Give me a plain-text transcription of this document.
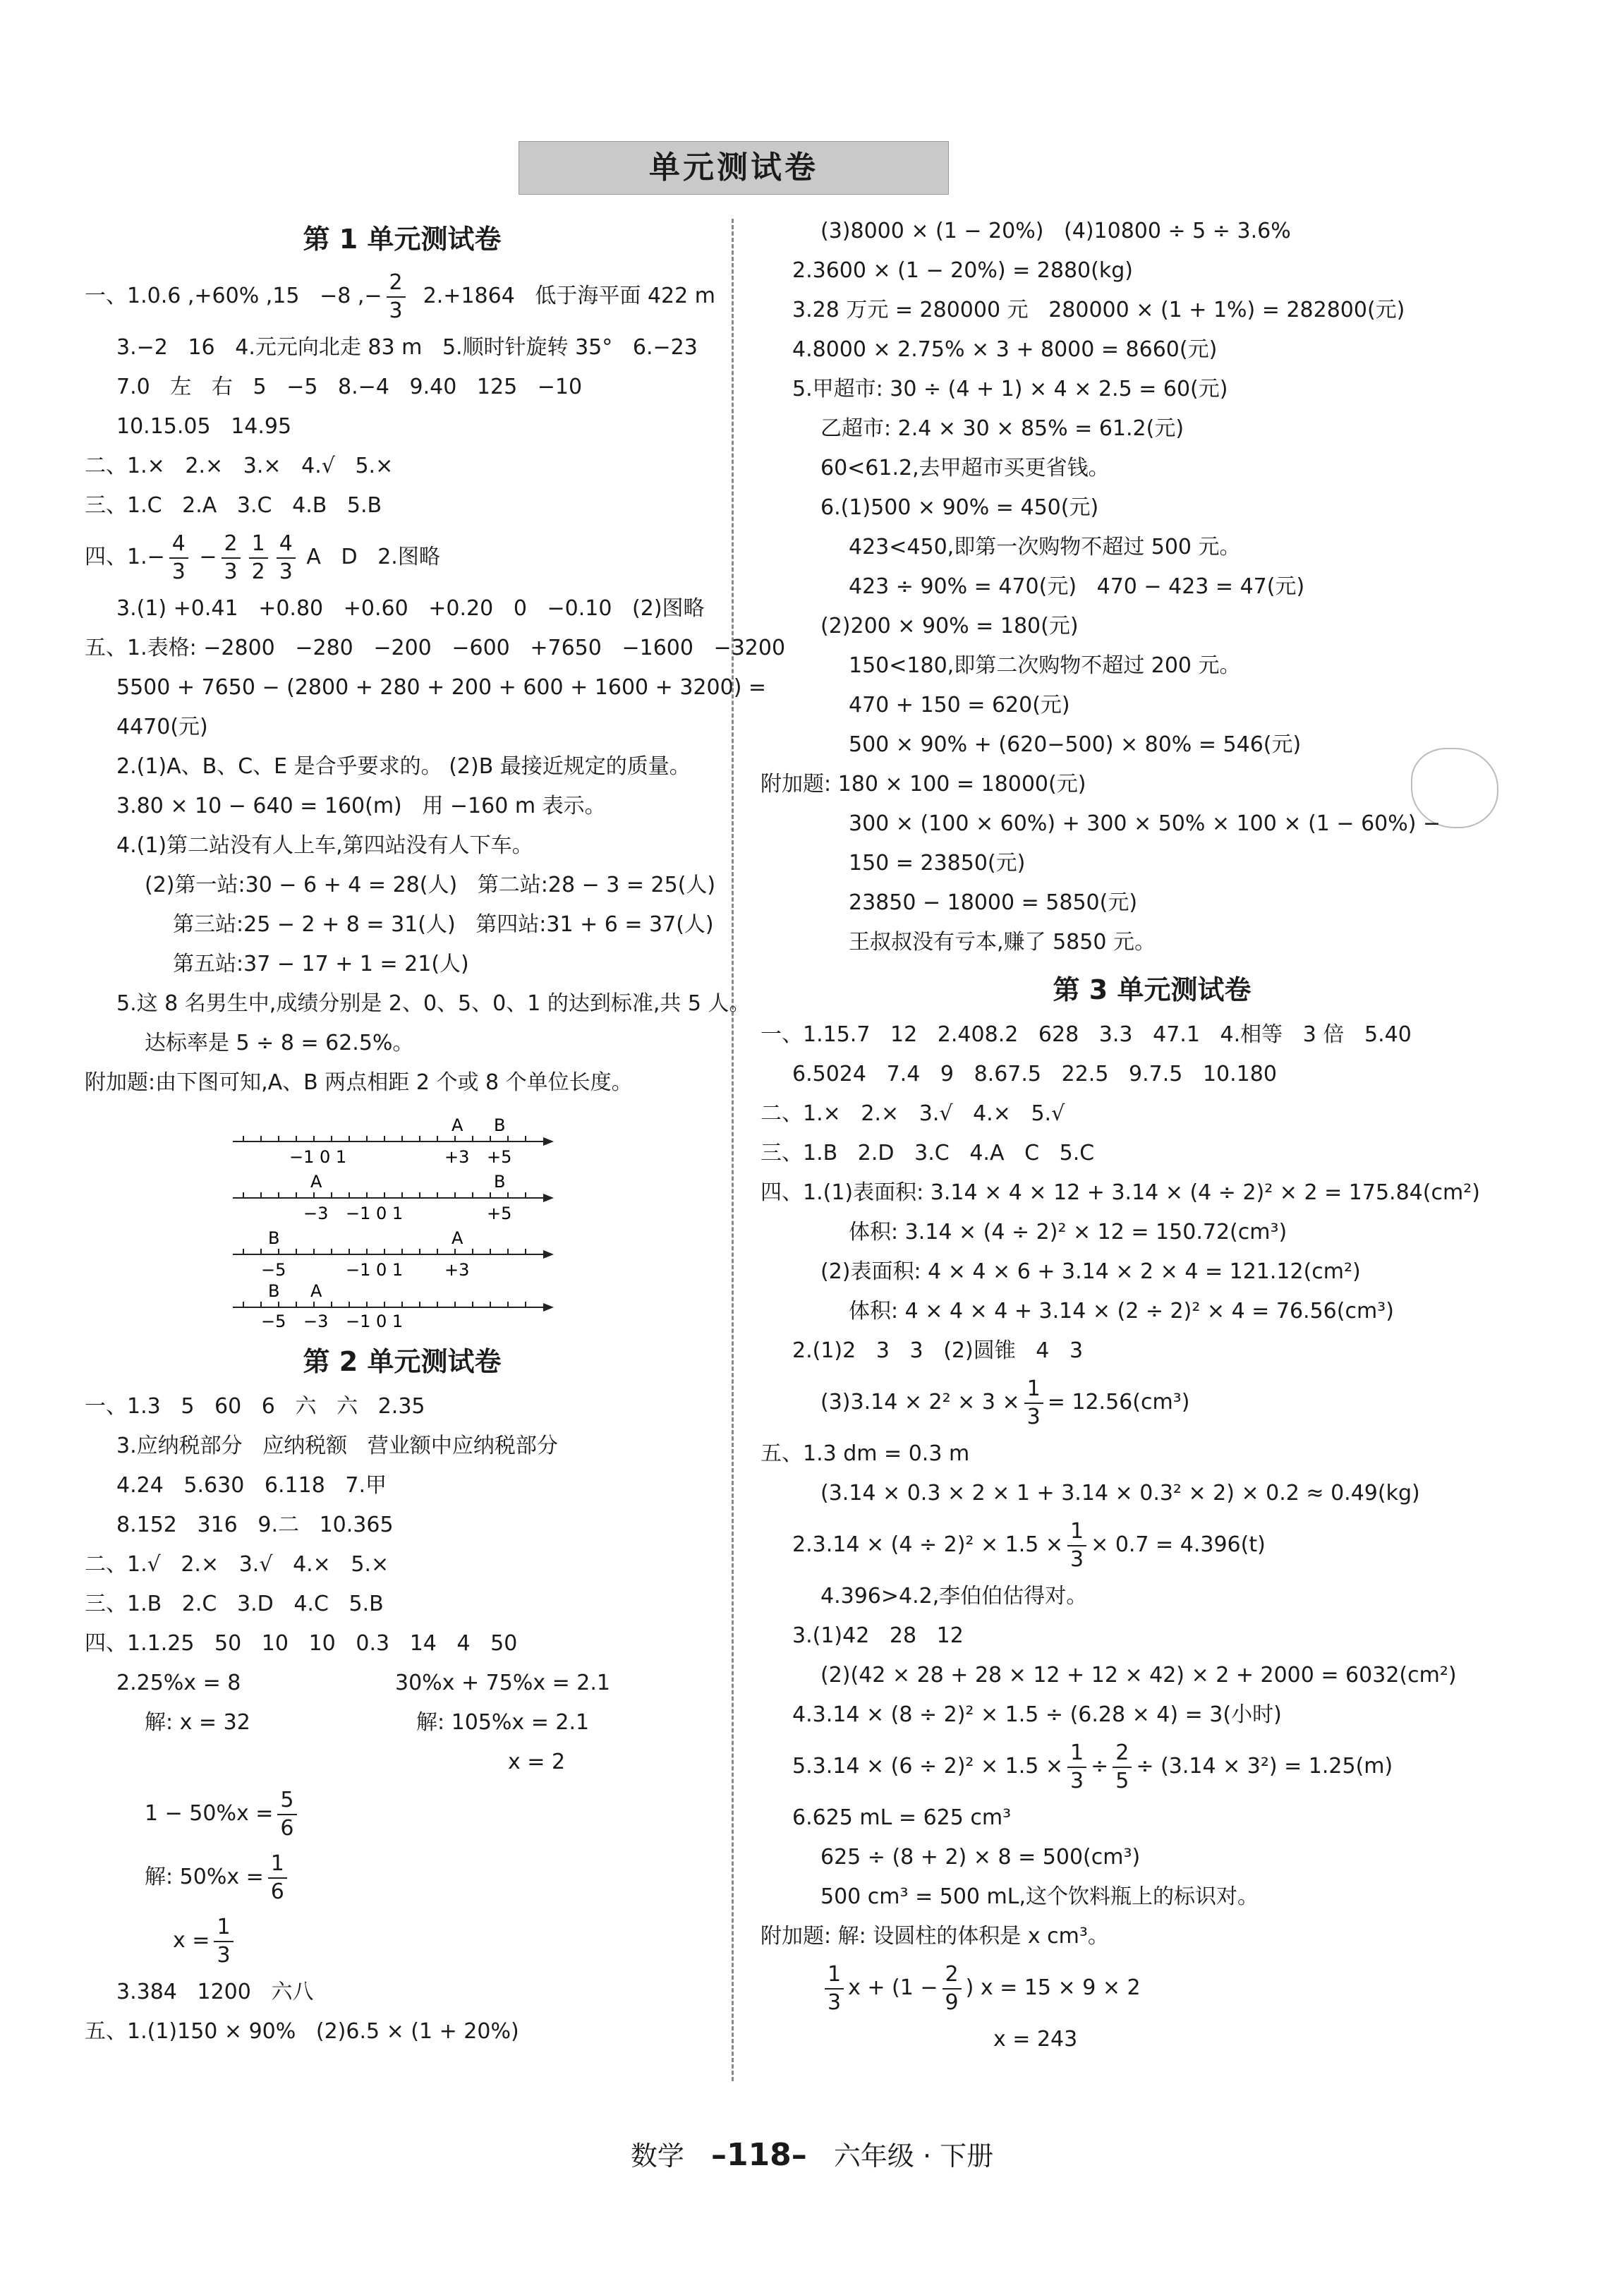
单元测试卷
第 1 单元测试卷
一、1.0.6 ,+60% ,15   −8 ,− $\frac{2}{3} 2.+1864$   低于海平面 422 m
3.−2   16   4.元元向北走 83 m   5.顺时针旋转 35°   6.−23
7.0   左   右   5   −5   8.−4   9.40   125   −10
10.15.05   14.95
二、1.×   2.×   3.×   4.√   5.×
三、1.C   2.A   3.C   4.B   5.B
四、$1.- \frac{4}{3} - \frac{2}{3} \frac{1}{2} \frac{4}{3}$ A   D   2.图略
3.(1) +0.41   +0.80   +0.60   +0.20   0   −0.10   (2)图略
五、1.表格: −2800   −280   −200   −600   +7650   −1600   −3200
5500 + 7650 − (2800 + 280 + 200 + 600 + 1600 + 3200) =
4470(元)
2.(1)A、B、C、E 是合乎要求的。 (2)B 最接近规定的质量。
3.80 × 10 − 640 = 160(m)   用 −160 m 表示。
4.(1)第二站没有人上车,第四站没有人下车。
(2)第一站:30 − 6 + 4 = 28(人)   第二站:28 − 3 = 25(人)
第三站:25 − 2 + 8 = 31(人)   第四站:31 + 6 = 37(人)
第五站:37 − 17 + 1 = 21(人)
5.这 8 名男生中,成绩分别是 2、0、5、0、1 的达到标准,共 5 人。
达标率是 5 ÷ 8 = 62.5%。
附加题:由下图可知,A、B 两点相距 2 个或 8 个单位长度。
−1 0 1	+3 +5
A B
−3 −1 0 1	+5
A	B
−5	−1 0 1 +3
B	A
−5 −3 −1 0 1
B A
第 2 单元测试卷
一、1.3   5   60   6   六   六   2.35
3.应纳税部分   应纳税额   营业额中应纳税部分
4.24   5.630   6.118   7.甲
8.152   316   9.二   10.365
二、1.√   2.×   3.√   4.×   5.×
三、1.B   2.C   3.D   4.C   5.B
四、1.1.25   50   10   10   0.3   14   4   50
2.25%x = 8	30%x + 75%x = 2.1
解: x = 32	解: 105%x = 2.1
x = 2
$1 - 50\%x = \frac{5}{6}$
解: $50\%x = \frac{1}{6}$
$x = \frac{1}{3}$
3.384   1200   六八
五、1.(1)150 × 90%   (2)6.5 × (1 + 20%)
(3)8000 × (1 − 20%)   (4)10800 ÷ 5 ÷ 3.6%
2.3600 × (1 − 20%) = 2880(kg)
3.28 万元 = 280000 元   280000 × (1 + 1%) = 282800(元)
4.8000 × 2.75% × 3 + 8000 = 8660(元)
5.甲超市: 30 ÷ (4 + 1) × 4 × 2.5 = 60(元)
乙超市: 2.4 × 30 × 85% = 61.2(元)
60<61.2,去甲超市买更省钱。
6.(1)500 × 90% = 450(元)
423<450,即第一次购物不超过 500 元。
423 ÷ 90% = 470(元)   470 − 423 = 47(元)
(2)200 × 90% = 180(元)
150<180,即第二次购物不超过 200 元。
470 + 150 = 620(元)
500 × 90% + (620−500) × 80% = 546(元)
附加题: 180 × 100 = 18000(元)
300 × (100 × 60%) + 300 × 50% × 100 × (1 − 60%) −
150 = 23850(元)
23850 − 18000 = 5850(元)
王叔叔没有亏本,赚了 5850 元。
第 3 单元测试卷
一、1.15.7   12   2.408.2   628   3.3   47.1   4.相等   3 倍   5.40
6.5024   7.4   9   8.67.5   22.5   9.7.5   10.180
二、1.×   2.×   3.√   4.×   5.√
三、1.B   2.D   3.C   4.A   C   5.C
四、1.(1)表面积: 3.14 × 4 × 12 + 3.14 × (4 ÷ 2)² × 2 = 175.84(cm²)
体积: 3.14 × (4 ÷ 2)² × 12 = 150.72(cm³)
(2)表面积: 4 × 4 × 6 + 3.14 × 2 × 4 = 121.12(cm²)
体积: 4 × 4 × 4 + 3.14 × (2 ÷ 2)² × 4 = 76.56(cm³)
2.(1)2   3   3   (2)圆锥   4   3
$(3)3.14 \times 2^2 \times 3 \times \frac{1}{3} = 12.56(cm^3)$
五、1.3 dm = 0.3 m
(3.14 × 0.3 × 2 × 1 + 3.14 × 0.3² × 2) × 0.2 ≈ 0.49(kg)
$2.3.14 \times (4 \div 2)^2 \times 1.5 \times \frac{1}{3} \times 0.7 = 4.396(t)$
4.396>4.2,李伯伯估得对。
3.(1)42   28   12
(2)(42 × 28 + 28 × 12 + 12 × 42) × 2 + 2000 = 6032(cm²)
4.3.14 × (8 ÷ 2)² × 1.5 ÷ (6.28 × 4) = 3(小时)
$5.3.14 \times (6 \div 2)^2 \times 1.5 \times \frac{1}{3} \div \frac{2}{5} \div (3.14 \times 3^2) = 1.25(m)$
6.625 mL = 625 cm³
625 ÷ (8 + 2) × 8 = 500(cm³)
500 cm³ = 500 mL,这个饮料瓶上的标识对。
附加题: 解: 设圆柱的体积是 x cm³。
$\frac{1}{3}$ $x + (1 - \frac{2}{9}$ ) x = 15 × 9 × 2
x = 243
数学 –118– 六年级 · 下册
